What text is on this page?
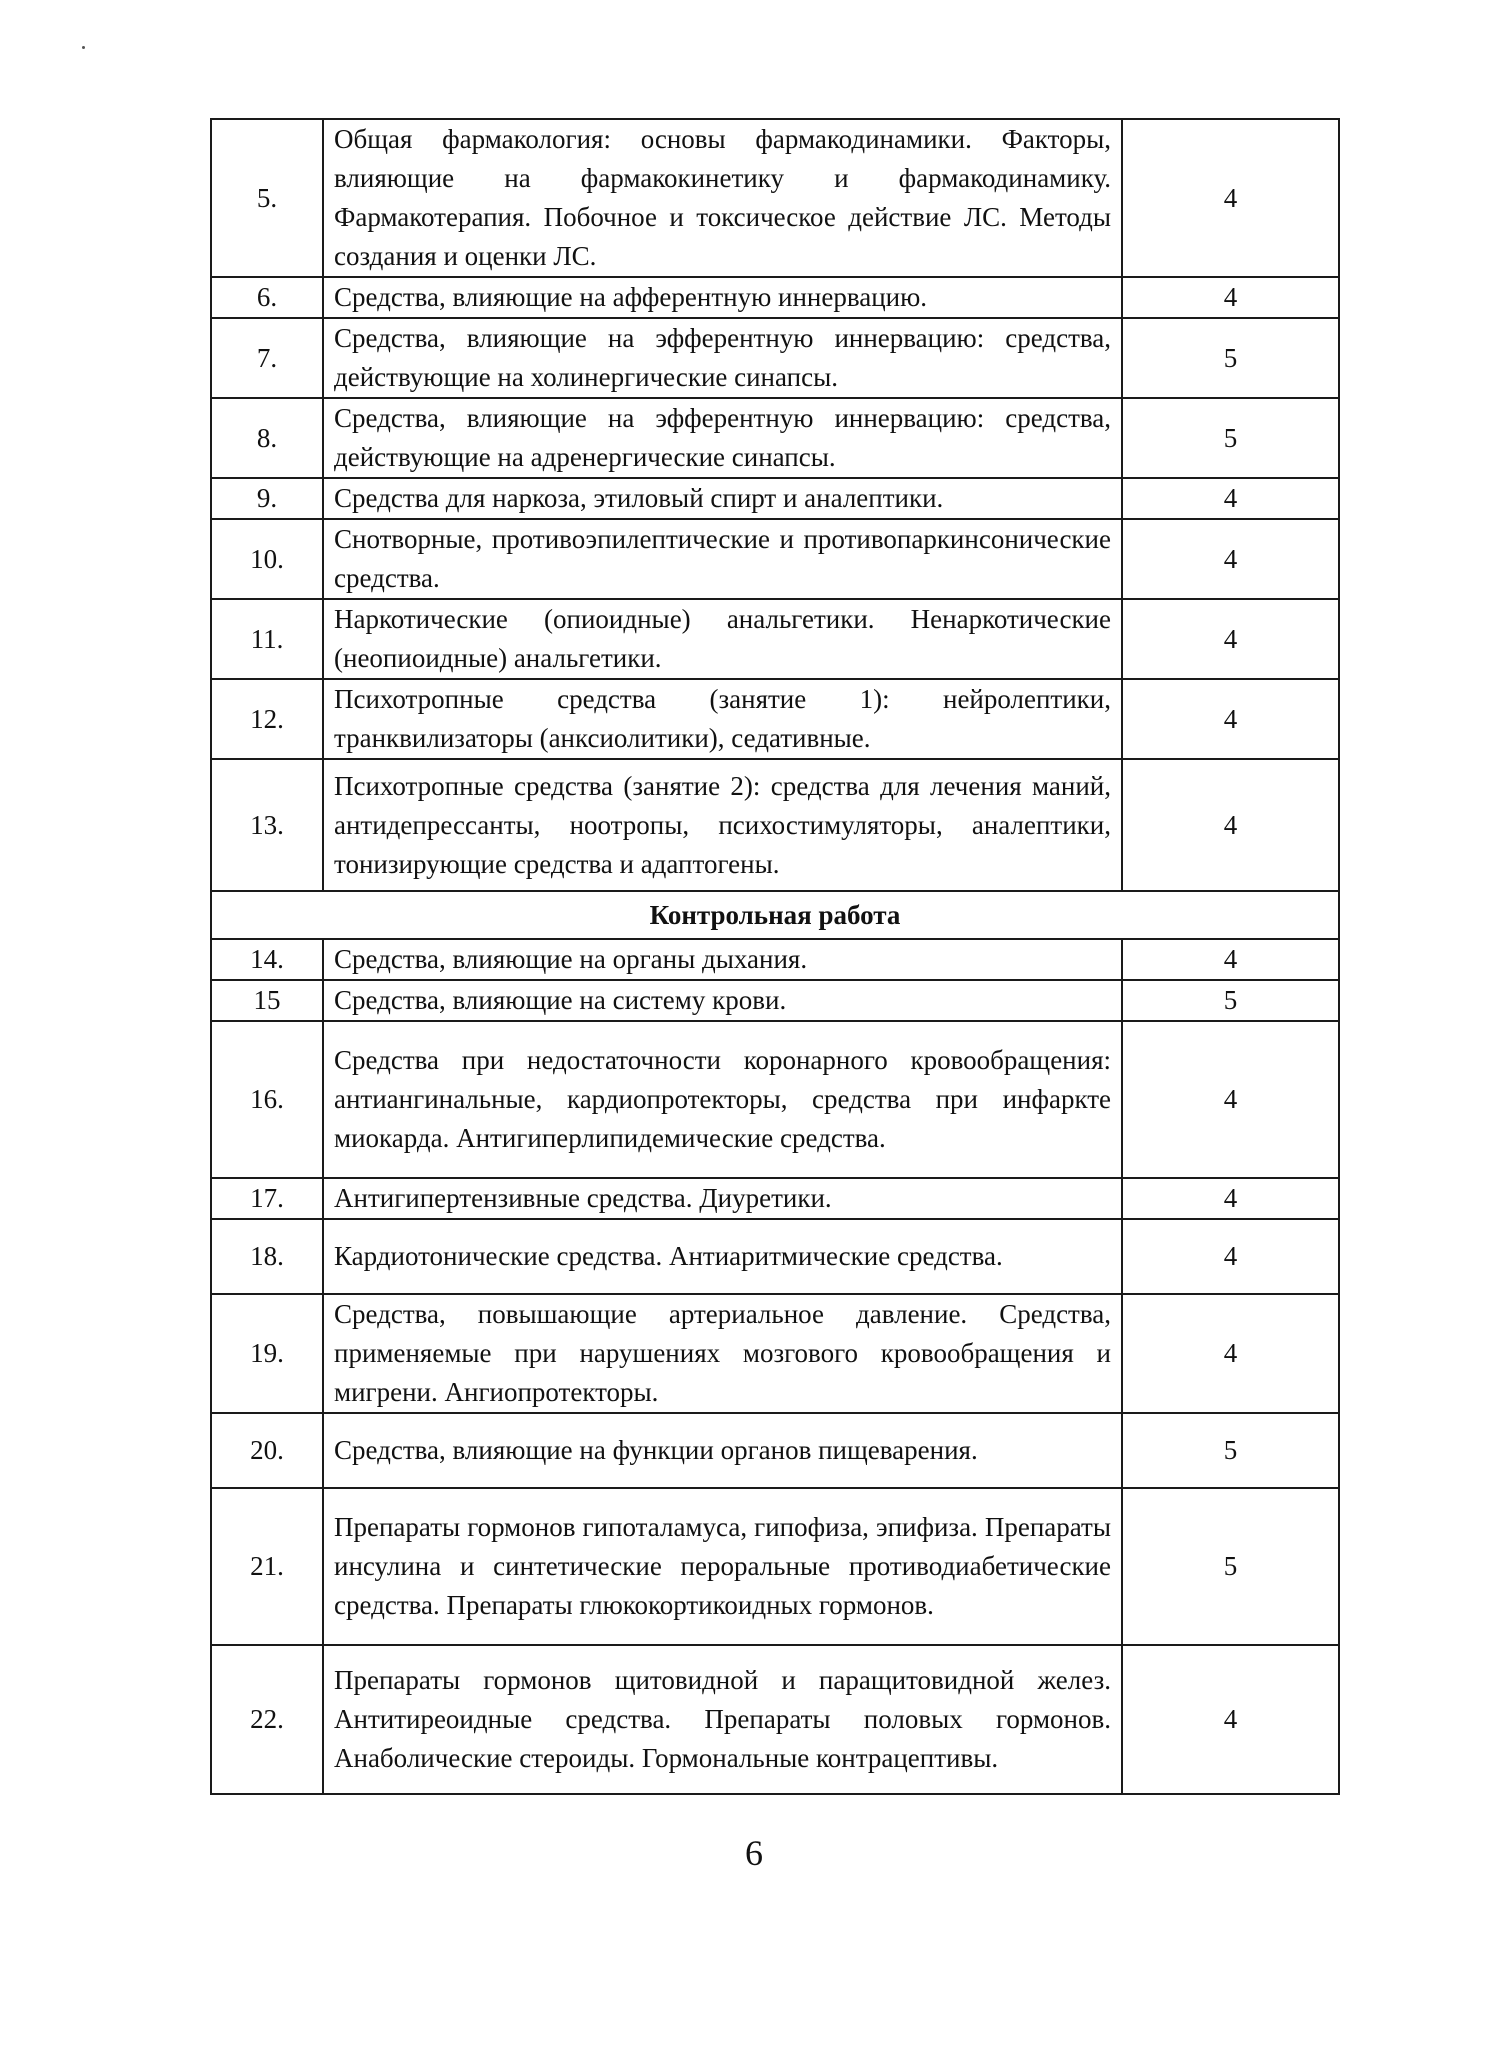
5.	Общая фармакология: основы фармакодинамики. Факторы, влияющие на фармакокинетику и фармакодинамику. Фармакотерапия. Побочное и токсическое действие ЛС. Методы создания и оценки ЛС.	4
6.	Средства, влияющие на афферентную иннервацию.	4
7.	Средства, влияющие на эфферентную иннервацию: средства, действующие на холинергические синапсы.	5
8.	Средства, влияющие на эфферентную иннервацию: средства, действующие на адренергические синапсы.	5
9.	Средства для наркоза, этиловый спирт и аналептики.	4
10.	Снотворные, противоэпилептические и противопаркинсонические средства.	4
11.	Наркотические (опиоидные) анальгетики. Ненаркотические (неопиоидные) анальгетики.	4
12.	Психотропные средства (занятие 1): нейролептики, транквилизаторы (анксиолитики), седативные.	4
13.	Психотропные средства (занятие 2): средства для лечения маний, антидепрессанты, ноотропы, психостимуляторы, аналептики, тонизирующие средства и адаптогены.	4
Контрольная работа		
14.	Средства, влияющие на органы дыхания.	4
15	Средства, влияющие на систему крови.	5
16.	Средства при недостаточности коронарного кровообращения: антиангинальные, кардиопротекторы, средства при инфаркте миокарда. Антигиперлипидемические средства.	4
17.	Антигипертензивные средства. Диуретики.	4
18.	Кардиотонические средства. Антиаритмические средства.	4
19.	Средства, повышающие артериальное давление. Средства, применяемые при нарушениях мозгового кровообращения и мигрени. Ангиопротекторы.	4
20.	Средства, влияющие на функции органов пищеварения.	5
21.	Препараты гормонов гипоталамуса, гипофиза, эпифиза. Препараты инсулина и синтетические пероральные противодиабетические средства. Препараты глюкокортикоидных гормонов.	5
22.	Препараты гормонов щитовидной и паращитовидной желез. Антитиреоидные средства. Препараты половых гормонов. Анаболические стероиды. Гормональные контрацептивы.	4
6
